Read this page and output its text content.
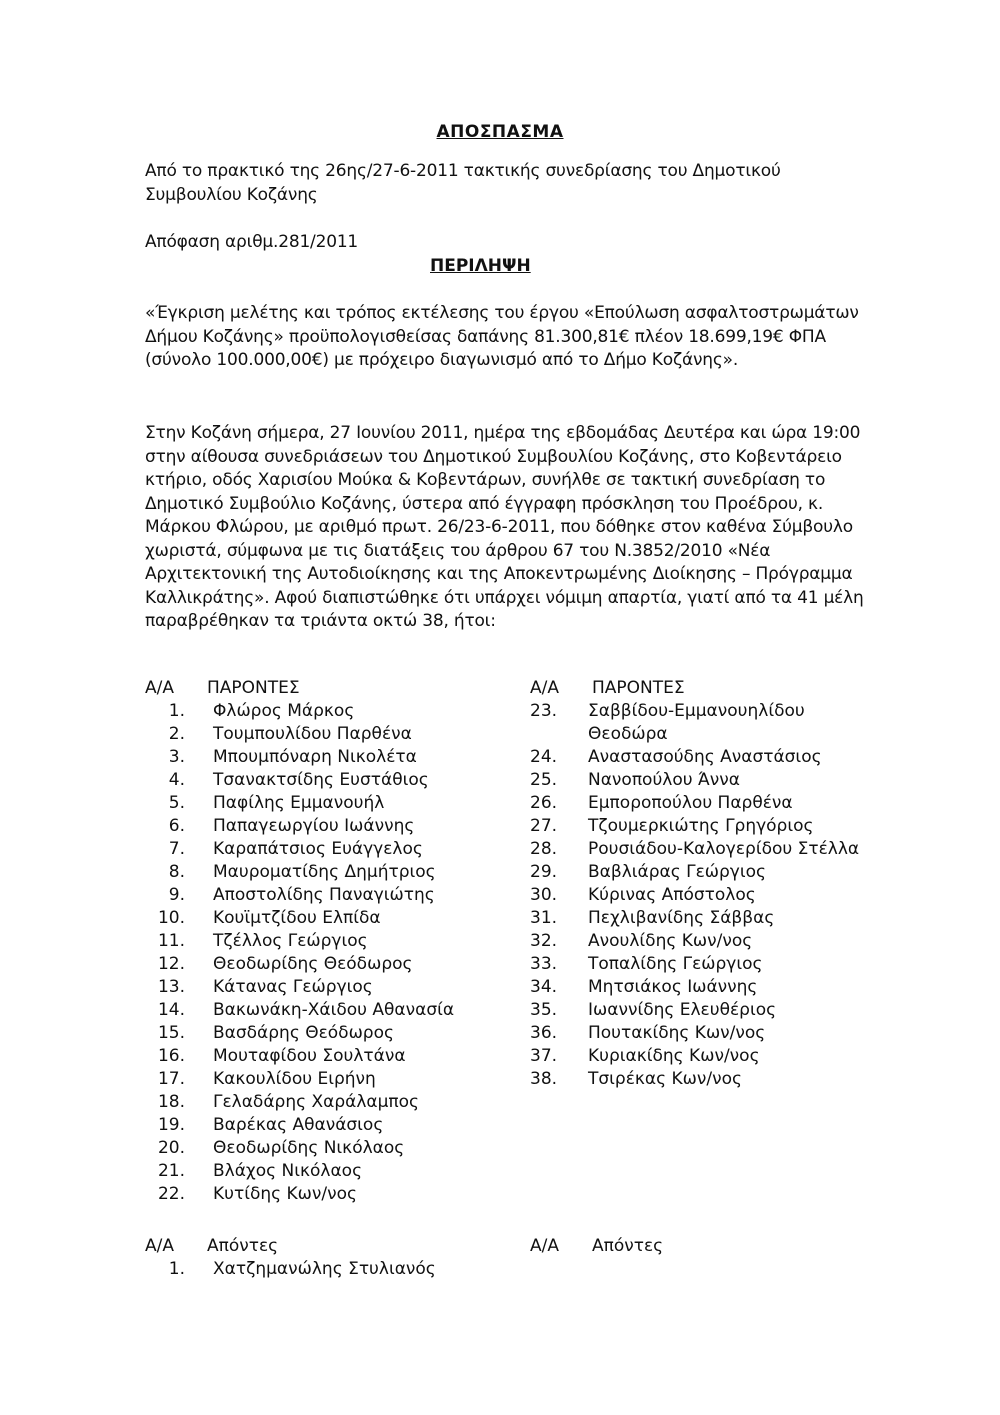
ΑΠΟΣΠΑΣΜΑ
Από το πρακτικό της 26ης/27-6-2011 τακτικής συνεδρίασης του Δημοτικού Συμβουλίου Κοζάνης
Απόφαση αριθμ.281/2011
ΠΕΡΙΛΗΨΗ
«Έγκριση μελέτης και τρόπος εκτέλεσης του έργου «Επούλωση ασφαλτοστρωμάτων Δήμου Κοζάνης» προϋπολογισθείσας δαπάνης 81.300,81€ πλέον 18.699,19€ ΦΠΑ (σύνολο 100.000,00€) με πρόχειρο διαγωνισμό από το Δήμο Κοζάνης».
Στην Κοζάνη σήμερα, 27 Ιουνίου 2011, ημέρα της εβδομάδας Δευτέρα και ώρα 19:00 στην αίθουσα συνεδριάσεων του Δημοτικού Συμβουλίου Κοζάνης, στο Κοβεντάρειο κτήριο, οδός Χαρισίου Μούκα & Κοβεντάρων, συνήλθε σε τακτική συνεδρίαση το Δημοτικό Συμβούλιο Κοζάνης, ύστερα από έγγραφη πρόσκληση του Προέδρου, κ. Μάρκου Φλώρου, με αριθμό πρωτ. 26/23-6-2011, που δόθηκε στον καθένα Σύμβουλο χωριστά, σύμφωνα με τις διατάξεις του άρθρου 67 του Ν.3852/2010 «Νέα Αρχιτεκτονική της Αυτοδιοίκησης και της Αποκεντρωμένης Διοίκησης – Πρόγραμμα Καλλικράτης». Αφού διαπιστώθηκε ότι υπάρχει νόμιμη απαρτία, γιατί από τα 41 μέλη παραβρέθηκαν τα τριάντα οκτώ 38, ήτοι:
Α/Α	ΠΑΡΟΝΤΕΣ
1.	Φλώρος Μάρκος
2.	Τουμπουλίδου Παρθένα
3.	Μπουμπόναρη Νικολέτα
4.	Τσανακτσίδης Ευστάθιος
5.	Παφίλης Εμμανουήλ
6.	Παπαγεωργίου Ιωάννης
7.	Καραπάτσιος Ευάγγελος
8.	Μαυροματίδης Δημήτριος
9.	Αποστολίδης Παναγιώτης
10.	Κουϊμτζίδου Ελπίδα
11.	Τζέλλος Γεώργιος
12.	Θεοδωρίδης Θεόδωρος
13.	Κάτανας Γεώργιος
14.	Βακωνάκη-Χάιδου Αθανασία
15.	Βασδάρης Θεόδωρος
16.	Μουταφίδου Σουλτάνα
17.	Κακουλίδου Ειρήνη
18.	Γελαδάρης Χαράλαμπος
19.	Βαρέκας Αθανάσιος
20.	Θεοδωρίδης Νικόλαος
21.	Βλάχος Νικόλαος
22.	Κυτίδης Κων/νος
Α/Α	ΠΑΡΟΝΤΕΣ
23.	Σαββίδου-Εμμανουηλίδου Θεοδώρα
24.	Αναστασούδης Αναστάσιος
25.	Νανοπούλου Άννα
26.	Εμποροπούλου Παρθένα
27.	Τζουμερκιώτης Γρηγόριος
28.	Ρουσιάδου-Καλογερίδου Στέλλα
29.	Βαβλιάρας Γεώργιος
30.	Κύρινας Απόστολος
31.	Πεχλιβανίδης Σάββας
32.	Ανουλίδης Κων/νος
33.	Τοπαλίδης Γεώργιος
34.	Μητσιάκος Ιωάννης
35.	Ιωαννίδης Ελευθέριος
36.	Πουτακίδης Κων/νος
37.	Κυριακίδης Κων/νος
38.	Τσιρέκας Κων/νος
Α/Α	Απόντες
1.	Χατζημανώλης Στυλιανός
Α/Α	Απόντες
